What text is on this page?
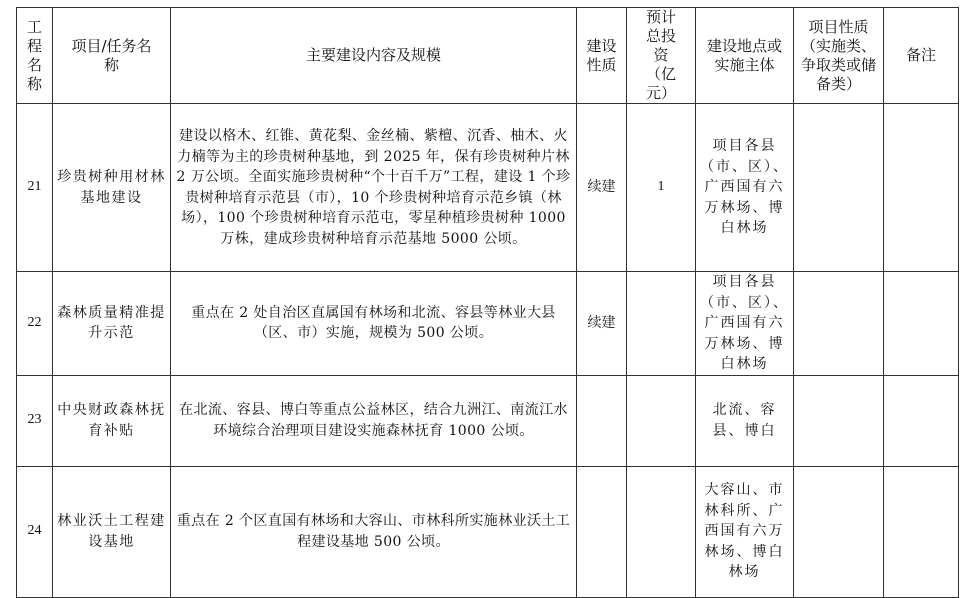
工程名称	项目/任务名称	主要建设内容及规模	建设性质	预计总投资（亿元）	建设地点或实施主体	项目性质（实施类、争取类或储备类）	备注
21	珍贵树种用材林基地建设	建设以格木、红锥、黄花梨、金丝楠、紫檀、沉香、柚木、火力楠等为主的珍贵树种基地，到 2025 年，保有珍贵树种片林 2 万公顷。全面实施珍贵树种“个十百千万”工程，建设 1 个珍贵树种培育示范县（市），10 个珍贵树种培育示范乡镇（林场），100 个珍贵树种培育示范屯，零星种植珍贵树种 1000 万株，建成珍贵树种培育示范基地 5000 公顷。	续建	1	项目各县（市、区）、广西国有六万林场、博白林场		
22	森林质量精准提升示范	重点在 2 处自治区直属国有林场和北流、容县等林业大县（区、市）实施，规模为 500 公顷。	续建		项目各县（市、区）、广西国有六万林场、博白林场		
23	中央财政森林抚育补贴	在北流、容县、博白等重点公益林区，结合九洲江、南流江水环境综合治理项目建设实施森林抚育 1000 公顷。			北流、容县、博白		
24	林业沃土工程建设基地	重点在 2 个区直国有林场和大容山、市林科所实施林业沃土工程建设基地 500 公顷。			大容山、市林科所、广西国有六万林场、博白林场		
